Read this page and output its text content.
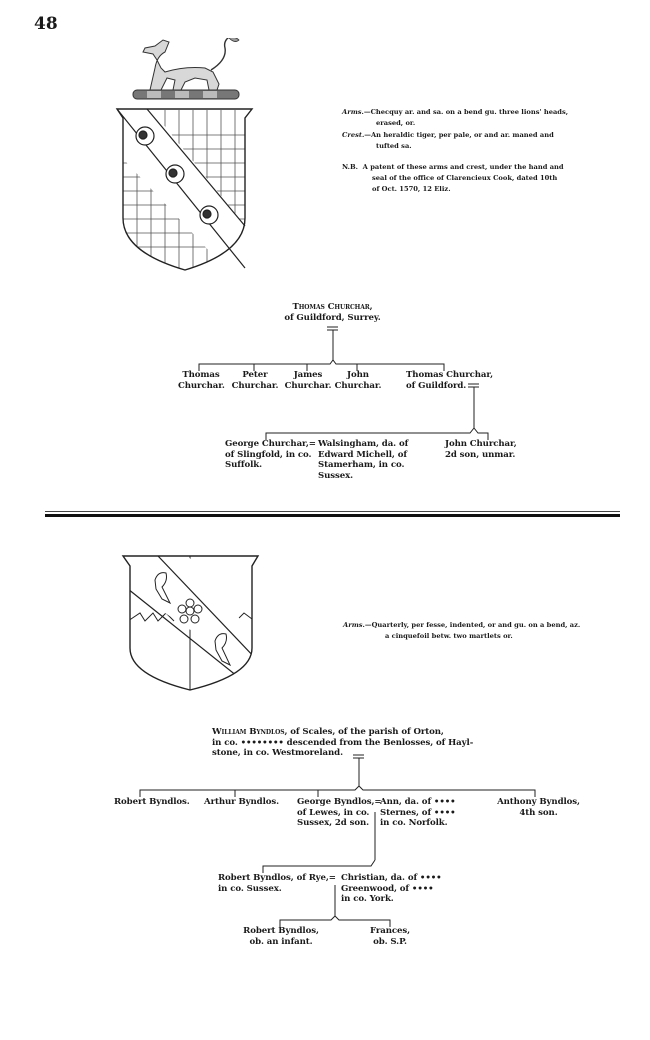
48
Arms.—Checquy ar. and sa. on a bend gu. three lions' heads,
erased, or.
Crest.—An heraldic tiger, per pale, or and ar. maned and
tufted sa.
N.B. A patent of these arms and crest, under the hand and
seal of the office of Clarencieux Cook, dated 10th
of Oct. 1570, 12 Eliz.
Thomas Churchar,
of Guildford, Surrey.
Thomas
Churchar.
Peter
Churchar.
James
Churchar.
John
Churchar.
Thomas Churchar,
of Guildford.
George Churchar,=
of Slingfold, in co.
Suffolk.
Walsingham, da. of
Edward Michell, of
Stamerham, in co.
Sussex.
John Churchar,
2d son, unmar.
Arms.—Quarterly, per fesse, indented, or and gu. on a bend, az.
a cinquefoil betw. two martlets or.
William Byndlos, of Scales, of the parish of Orton,
in co. •••••••• descended from the Benlosses, of Hayl-
stone, in co. Westmoreland.
Robert Byndlos. Arthur Byndlos. George Byndlos,=
of Lewes, in co.
Sussex, 2d son.
Ann, da. of ••••
Sternes, of ••••
in co. Norfolk.
Anthony Byndlos,
4th son.
Robert Byndlos, of Rye,=
in co. Sussex.
Christian, da. of ••••
Greenwood, of ••••
in co. York.
Robert Byndlos,
ob. an infant.
Frances,
ob. S.P.
